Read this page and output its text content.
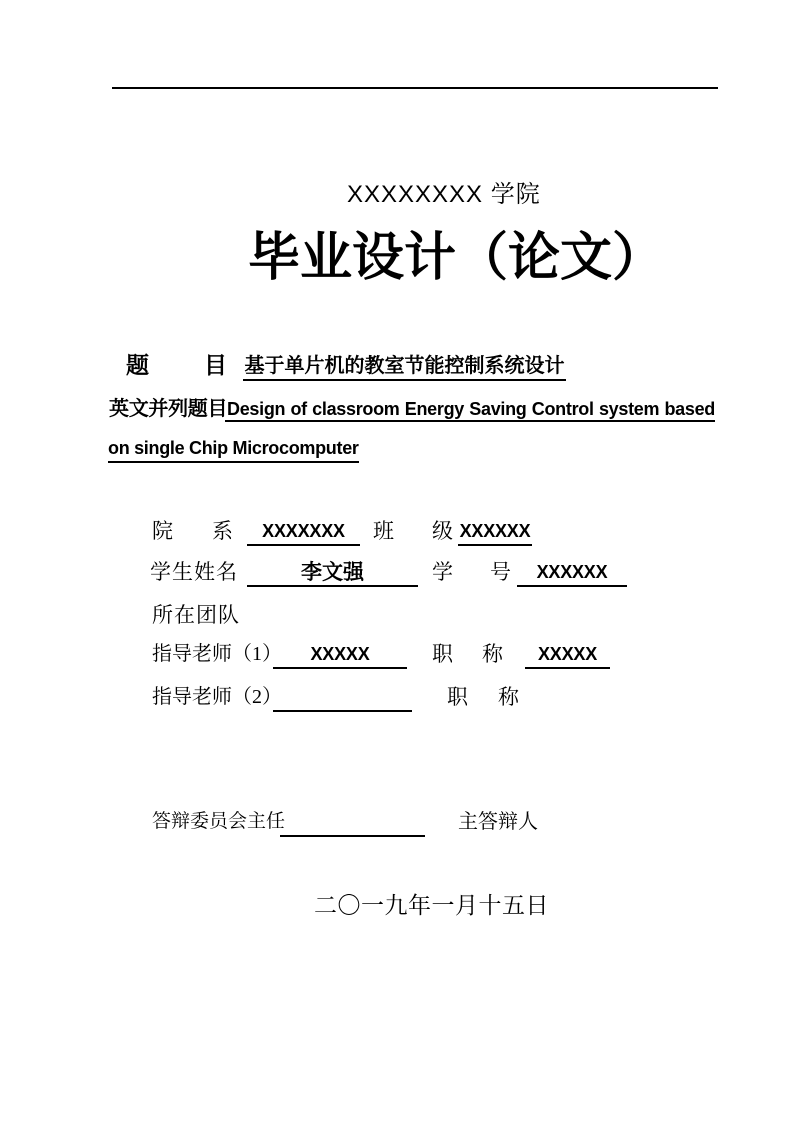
XXXXXXXX 学院
毕业设计（论文）
题 目 基于单片机的教室节能控制系统设计
英文并列题目 Design of classroom Energy Saving Control system based
on single Chip Microcomputer
院 系	XXXXXXX	班 级 XXXXXX
学生姓名	李文强	学 号	XXXXXX
所在团队
指导老师（1）	XXXXX	职 称	XXXXX
指导老师（2）	职 称
答辩委员会主任	主答辩人
二〇一九年一月十五日
